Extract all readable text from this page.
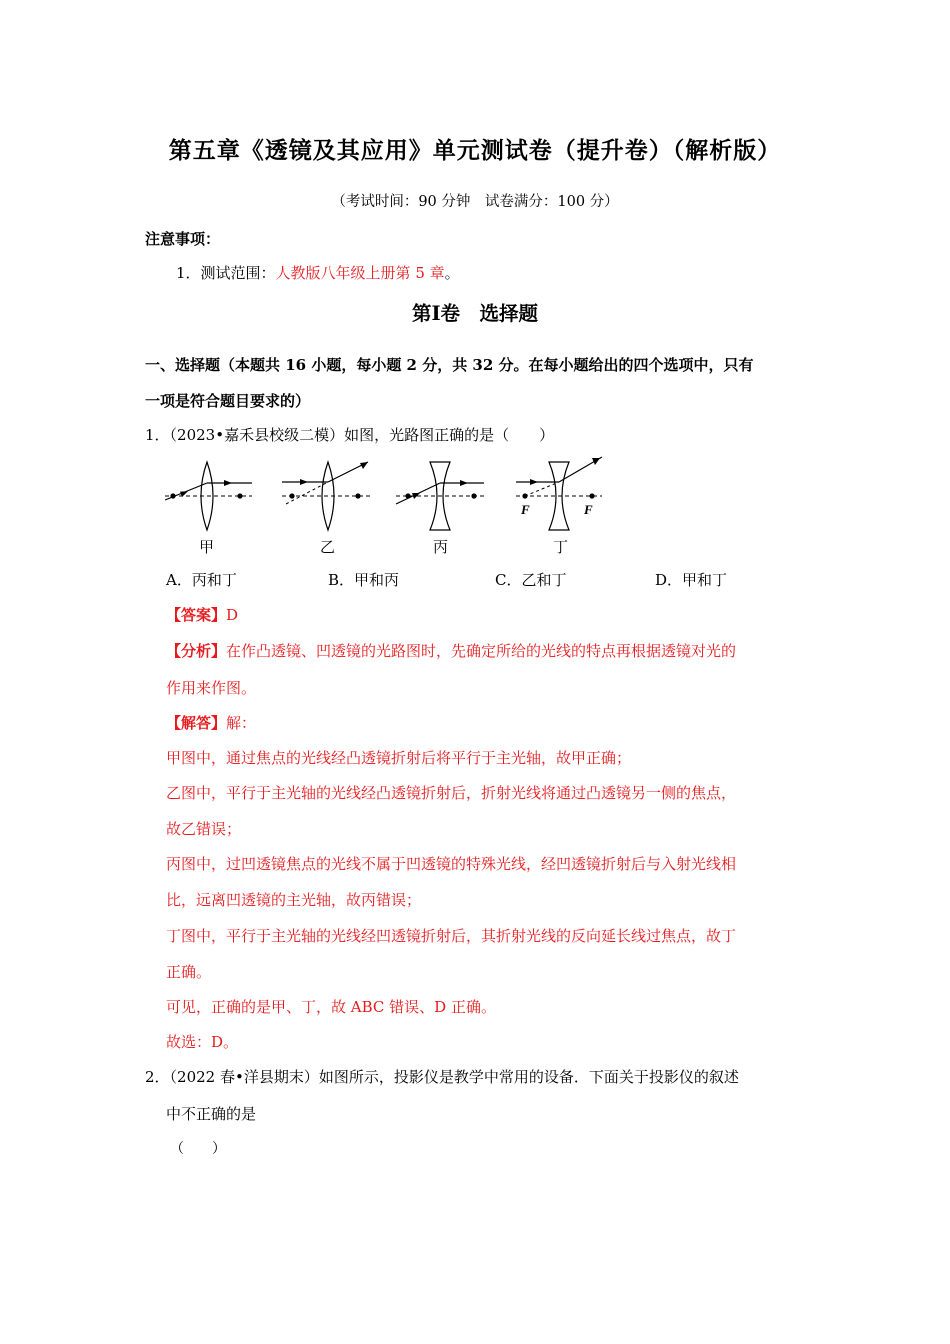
第五章《透镜及其应用》单元测试卷（提升卷）（解析版）
（考试时间：90 分钟　试卷满分：100 分）
注意事项：
1．测试范围：人教版八年级上册第 5 章。
第Ⅰ卷　选择题
一、选择题（本题共 16 小题，每小题 2 分，共 32 分。在每小题给出的四个选项中，只有
一项是符合题目要求的）
1．（2023•嘉禾县校级二模）如图，光路图正确的是（　　）
F	F
甲	乙	丙	丁
A．丙和丁	B．甲和丙	C．乙和丁	D．甲和丁
【答案】D
【分析】在作凸透镜、凹透镜的光路图时，先确定所给的光线的特点再根据透镜对光的
作用来作图。
【解答】解：
甲图中，通过焦点的光线经凸透镜折射后将平行于主光轴，故甲正确；
乙图中，平行于主光轴的光线经凸透镜折射后，折射光线将通过凸透镜另一侧的焦点，
故乙错误；
丙图中，过凹透镜焦点的光线不属于凹透镜的特殊光线，经凹透镜折射后与入射光线相
比，远离凹透镜的主光轴，故丙错误；
丁图中，平行于主光轴的光线经凹透镜折射后，其折射光线的反向延长线过焦点，故丁
正确。
可见，正确的是甲、丁，故 ABC 错误、D 正确。
故选：D。
2．（2022 春•洋县期末）如图所示，投影仪是教学中常用的设备．下面关于投影仪的叙述
中不正确的是
（　　）
